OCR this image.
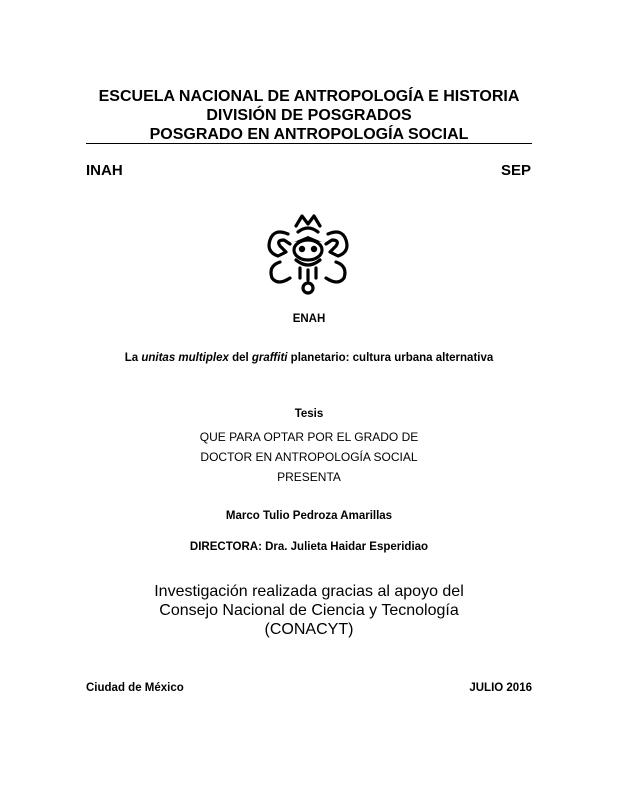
ESCUELA NACIONAL DE ANTROPOLOGÍA E HISTORIA
DIVISIÓN DE POSGRADOS
POSGRADO EN ANTROPOLOGÍA SOCIAL
INAH	SEP
ENAH
La unitas multiplex del graffiti planetario: cultura urbana alternativa
Tesis
QUE PARA OPTAR POR EL GRADO DE
DOCTOR EN ANTROPOLOGÍA SOCIAL
PRESENTA
Marco Tulio Pedroza Amarillas
DIRECTORA: Dra. Julieta Haidar Esperidiao
Investigación realizada gracias al apoyo del
Consejo Nacional de Ciencia y Tecnología
(CONACYT)
Ciudad de México	JULIO 2016
